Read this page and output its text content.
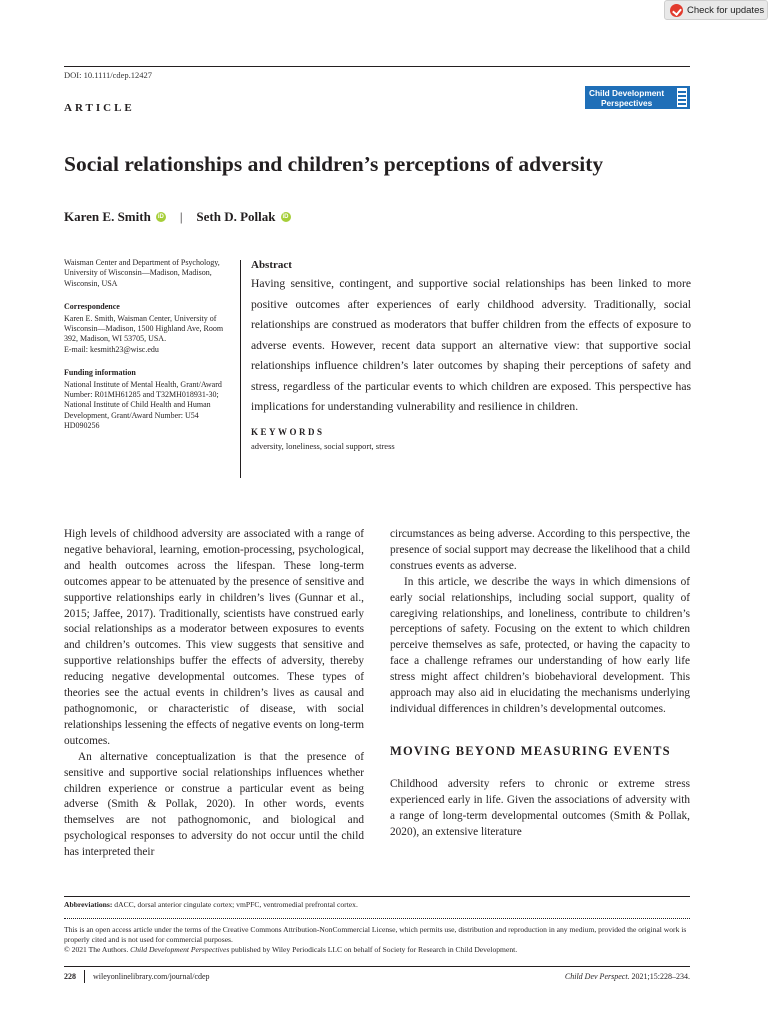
Check for updates
DOI: 10.1111/cdep.12427
ARTICLE
Child Development
Perspectives
Social relationships and children’s perceptions of adversity
Karen E. Smith	iD | Seth D. Pollak	iD
Waisman Center and Department of Psychology, University of Wisconsin—Madison, Madison, Wisconsin, USA
Correspondence
Karen E. Smith, Waisman Center, University of Wisconsin—Madison, 1500 Highland Ave, Room 392, Madison, WI 53705, USA.
E-mail: kesmith23@wisc.edu
Funding information
National Institute of Mental Health, Grant/Award Number: R01MH61285 and T32MH018931-30; National Institute of Child Health and Human Development, Grant/Award Number: U54 HD090256
Abstract

Having sensitive, contingent, and supportive social relationships has been linked to more positive outcomes after experiences of early childhood adversity. Traditionally, social relationships are construed as moderators that buffer children from the effects of exposure to adverse events. However, recent data support an alternative view: that supportive social relationships influence children’s later outcomes by shaping their perceptions of safety and stress, regardless of the particular events to which children are exposed. This perspective has implications for understanding vulnerability and resilience in children.

KEYWORDS
adversity, loneliness, social support, stress

High levels of childhood adversity are associated with a range of negative behavioral, learning, emotion-processing, psychological, and health outcomes across the lifespan. These long-term outcomes appear to be attenuated by the presence of sensitive and supportive relationships early in children’s lives (Gunnar et al., 2015; Jaffee, 2017). Traditionally, scientists have construed early social relationships as a moderator between exposures to events and children’s outcomes. This view suggests that sensitive and supportive relationships buffer the effects of adversity, thereby reducing negative developmental outcomes. These types of theories see the actual events in children’s lives as causal and pathognomonic, or characteristic of disease, with social relationships lessening the effects of negative events on long-term outcomes.

An alternative conceptualization is that the presence of sensitive and supportive social relationships influences whether children experience or construe a particular event as being adverse (Smith & Pollak, 2020). In other words, events themselves are not pathognomonic, and biological and psychological responses to adversity do not occur until the child has interpreted their

circumstances as being adverse. According to this perspective, the presence of social support may decrease the likelihood that a child construes events as adverse.

In this article, we describe the ways in which dimensions of early social relationships, including social support, quality of caregiving relationships, and loneliness, contribute to children’s perceptions of safety. Focusing on the extent to which children perceive themselves as safe, protected, or having the capacity to face a challenge reframes our understanding of how early life stress might affect children’s biobehavioral development. This approach may also aid in elucidating the mechanisms underlying individual differences in children’s developmental outcomes.

MOVING BEYOND MEASURING EVENTS

Childhood adversity refers to chronic or extreme stress experienced early in life. Given the associations of adversity with a range of long-term developmental outcomes (Smith & Pollak, 2020), an extensive literature

Abbreviations: dACC, dorsal anterior cingulate cortex; vmPFC, ventromedial prefrontal cortex.
This is an open access article under the terms of the Creative Commons Attribution-NonCommercial License, which permits use, distribution and reproduction in any medium, provided the original work is properly cited and is not used for commercial purposes.
© 2021 The Authors. Child Development Perspectives published by Wiley Periodicals LLC on behalf of Society for Research in Child Development.
228 wileyonlinelibrary.com/journal/cdep	Child Dev Perspect. 2021;15:228–234.
